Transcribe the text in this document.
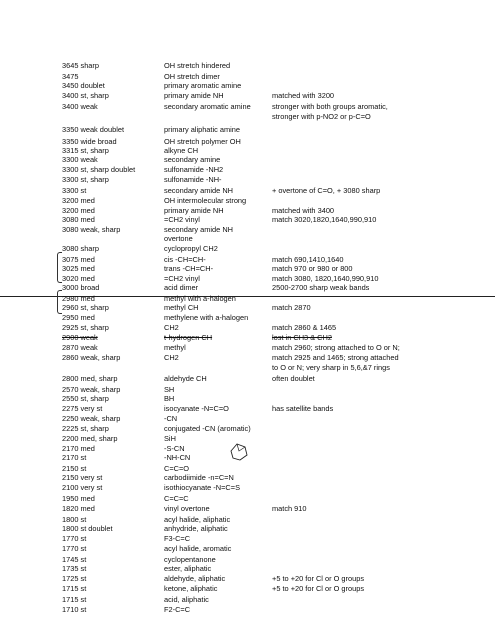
3645 sharp	OH stretch hindered
3475	OH stretch dimer
3450 doublet	primary aromatic amine
3400 st, sharp	primary amide NH	matched with 3200
3400 weak	secondary aromatic amine	stronger with both groups aromatic,
stronger with p-NO2 or p-C=O
3350 weak doublet	primary aliphatic amine
3350 wide broad	OH stretch polymer OH
3315 st, sharp	alkyne CH
3300 weak	secondary amine
3300 st, sharp doublet	sulfonamide -NH2
3300 st, sharp	sulfonamide -NH-
3300 st	secondary amide NH	+ overtone of C=O, + 3080 sharp
3200 med	OH intermolecular strong
3200 med	primary amide NH	matched with 3400
3080 med	=CH2 vinyl	match 3020,1820,1640,990,910
3080 weak, sharp	secondary amide NH
overtone
3080 sharp	cyclopropyl CH2
3075 med	cis -CH=CH-	match 690,1410,1640
3025 med	trans -CH=CH-	match 970 or 980 or 800
3020 med	=CH2 vinyl	match 3080, 1820,1640,990,910
3000 broad	acid dimer	2500-2700 sharp weak bands
2980 med	methyl with a-halogen
2960 st, sharp	methyl CH	match 2870
2950 med	methylene with a-halogen
2925 st, sharp	CH2	match 2860 & 1465
2900 weak	t-hydrogen CH	lost in CH3 & CH2
2870 weak	methyl	match 2960; strong attached to O or N;
2860 weak, sharp	CH2	match 2925 and 1465; strong attached
to O or N; very sharp in 5,6,&7 rings
2800 med, sharp	aldehyde CH	often doublet
2570 weak, sharp	SH
2550 st, sharp	BH
2275 very st	isocyanate -N=C=O	has satellite bands
2250 weak, sharp	-CN
2225 st, sharp	conjugated -CN (aromatic)
2200 med, sharp	SiH
2170 med	-S-CN
2170 st	-NH-CN
2150 st	C=C=O
2150 very st	carbodiimide -n=C=N
2100 very st	isothiocyanate -N=C=S
1950 med	C=C=C
1820 med	vinyl overtone	match 910
1800 st	acyl halide, aliphatic
1800 st doublet	anhydride, aliphatic
1770 st	F3-C=C
1770 st	acyl halide, aromatic
1745 st	cyclopentanone
1735 st	ester, aliphatic
1725 st	aldehyde, aliphatic	+5 to +20 for Cl or O groups
1715 st	ketone, aliphatic	+5 to +20 for Cl or O groups
1715 st	acid, aliphatic
1710 st	F2-C=C
